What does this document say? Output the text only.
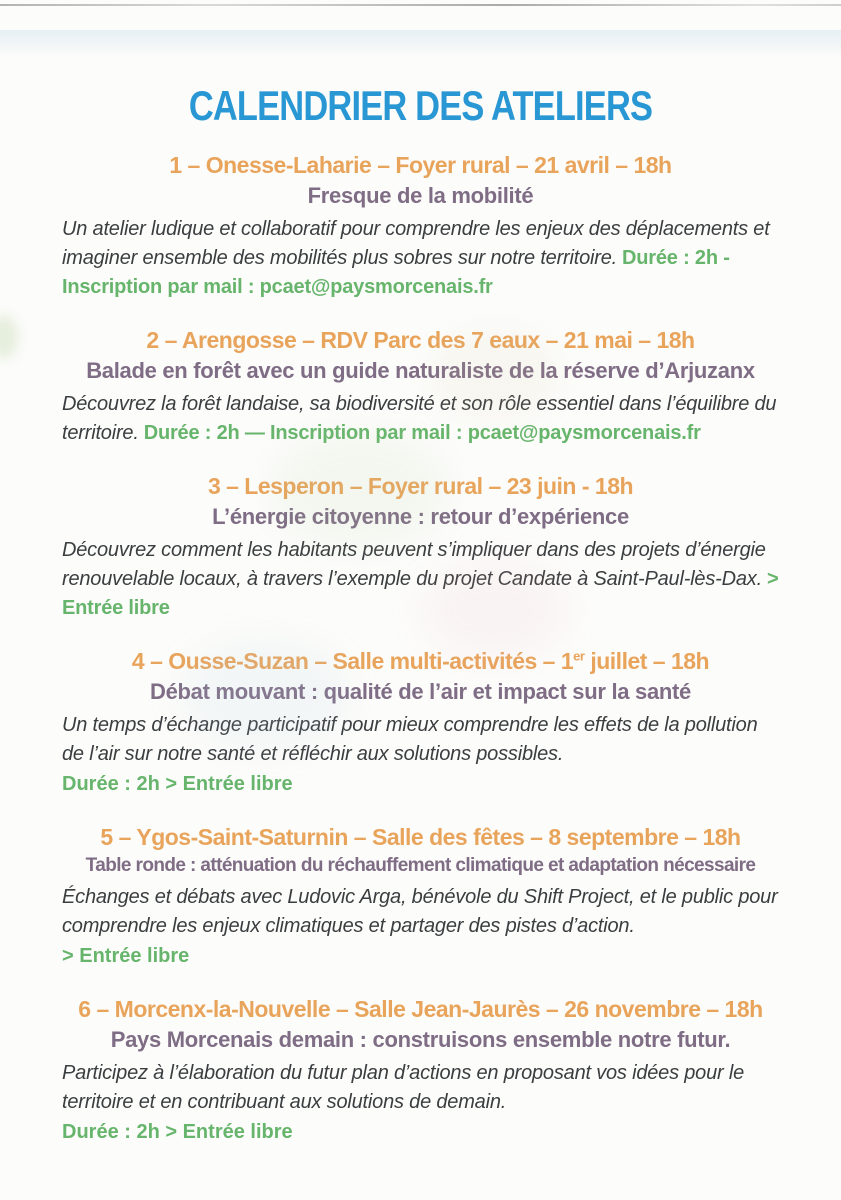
CALENDRIER DES ATELIERS
1 – Onesse-Laharie – Foyer rural – 21 avril – 18h
Fresque de la mobilité

Un atelier ludique et collaboratif pour comprendre les enjeux des déplacements et imaginer ensemble des mobilités plus sobres sur notre territoire. Durée : 2h - Inscription par mail : pcaet@paysmorcenais.fr

2 – Arengosse – RDV Parc des 7 eaux – 21 mai – 18h
Balade en forêt avec un guide naturaliste de la réserve d’Arjuzanx

Découvrez la forêt landaise, sa biodiversité et son rôle essentiel dans l’équilibre du territoire. Durée : 2h — Inscription par mail : pcaet@paysmorcenais.fr

3 – Lesperon – Foyer rural – 23 juin - 18h
L’énergie citoyenne : retour d’expérience

Découvrez comment les habitants peuvent s’impliquer dans des projets d’énergie renouvelable locaux, à travers l’exemple du projet Candate à Saint-Paul-lès-Dax. > Entrée libre

4 – Ousse-Suzan – Salle multi-activités – 1er juillet – 18h
Débat mouvant : qualité de l’air et impact sur la santé

Un temps d’échange participatif pour mieux comprendre les effets de la pollution de l’air sur notre santé et réfléchir aux solutions possibles.

Durée : 2h > Entrée libre

5 – Ygos-Saint-Saturnin – Salle des fêtes – 8 septembre – 18h
Table ronde : atténuation du réchauffement climatique et adaptation nécessaire

Échanges et débats avec Ludovic Arga, bénévole du Shift Project, et le public pour comprendre les enjeux climatiques et partager des pistes d’action.

> Entrée libre

6 – Morcenx-la-Nouvelle – Salle Jean-Jaurès – 26 novembre – 18h
Pays Morcenais demain : construisons ensemble notre futur.

Participez à l’élaboration du futur plan d’actions en proposant vos idées pour le territoire et en contribuant aux solutions de demain.

Durée : 2h > Entrée libre
